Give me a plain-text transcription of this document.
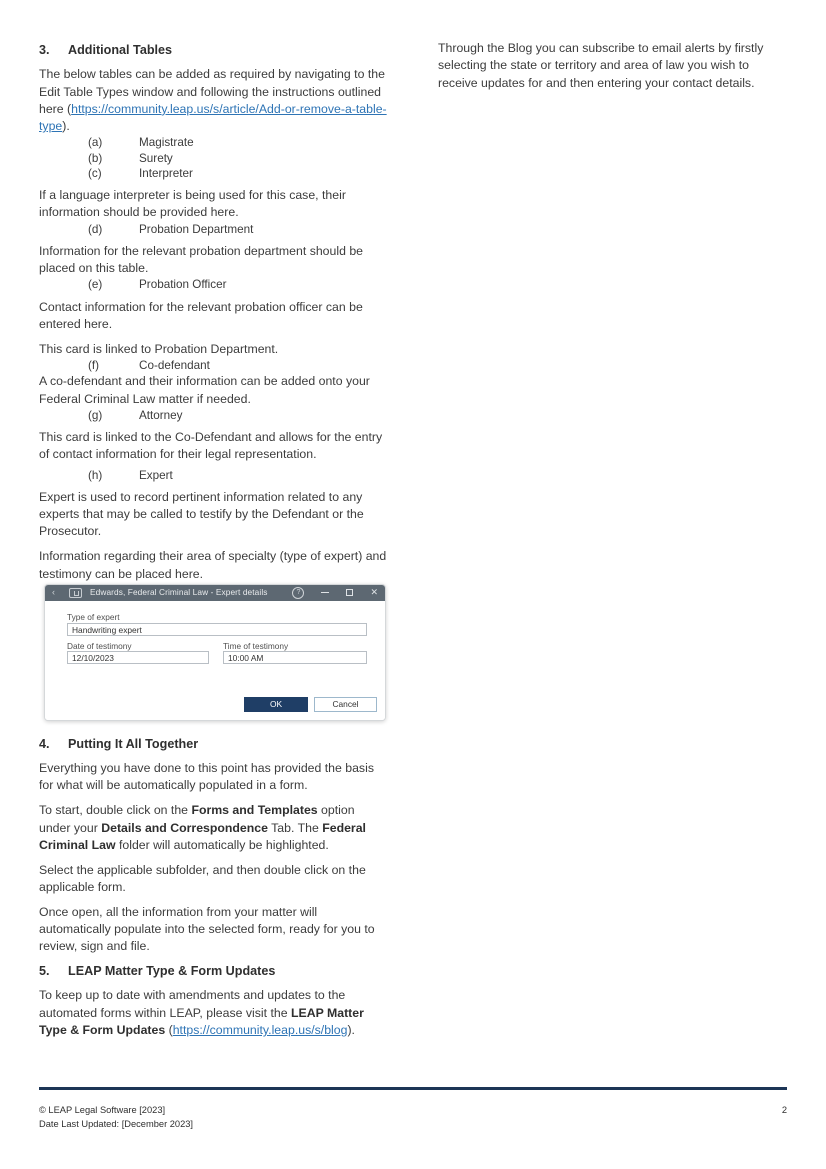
3.	Additional Tables

The below tables can be added as required by navigating to the Edit Table Types window and following the instructions outlined here (https://community.leap.us/s/article/Add-or-remove-a-table-type).

(a)	Magistrate
(b)	Surety
(c)	Interpreter

If a language interpreter is being used for this case, their information should be provided here.

(d)	Probation Department

Information for the relevant probation department should be placed on this table.

(e)	Probation Officer

Contact information for the relevant probation officer can be entered here.

This card is linked to Probation Department.

(f)	Co-defendant

A co-defendant and their information can be added onto your Federal Criminal Law matter if needed.

(g)	Attorney

This card is linked to the Co-Defendant and allows for the entry of contact information for their legal representation.

(h)	Expert

Expert is used to record pertinent information related to any experts that may be called to testify by the Defendant or the Prosecutor.

Information regarding their area of specialty (type of expert) and testimony can be placed here.

‹	Edwards, Federal Criminal Law - Expert details	?	✕
Type of expert
Handwriting expert
Date of testimony
12/10/2023
Time of testimony
10:00 AM
OK	Cancel
4.	Putting It All Together

Everything you have done to this point has provided the basis for what will be automatically populated in a form.

To start, double click on the Forms and Templates option under your Details and Correspondence Tab. The Federal Criminal Law folder will automatically be highlighted.

Select the applicable subfolder, and then double click on the applicable form.

Once open, all the information from your matter will automatically populate into the selected form, ready for you to review, sign and file.

5.	LEAP Matter Type & Form Updates

To keep up to date with amendments and updates to the automated forms within LEAP, please visit the LEAP Matter Type & Form Updates (https://community.leap.us/s/blog).

Through the Blog you can subscribe to email alerts by firstly selecting the state or territory and area of law you wish to receive updates for and then entering your contact details.

© LEAP Legal Software [2023]
Date Last Updated: [December 2023]
2
